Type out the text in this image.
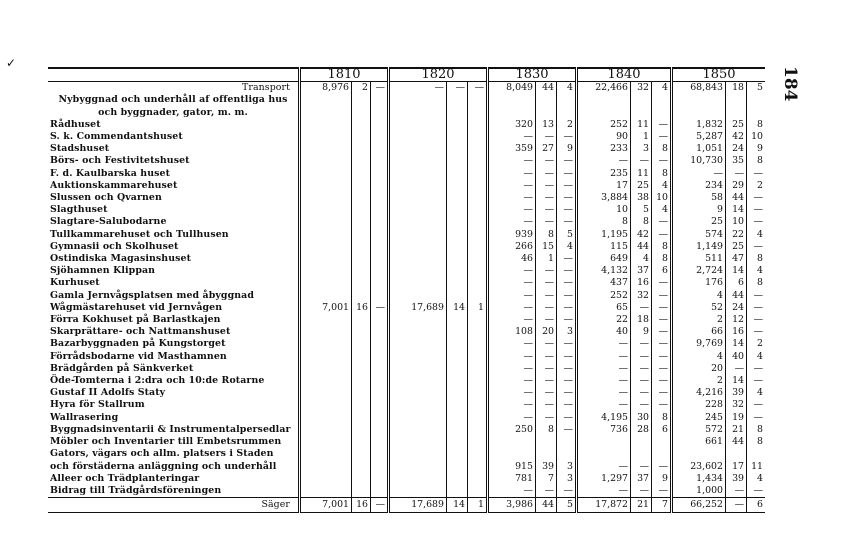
✓
184
	1810			1820			1830			1840			1850		
Transport	8,976	2	—	—	—	—	8,049	44	4	22,466	32	4	68,843	18	5
Nybyggnad och underhåll af offentliga hus															
och byggnader, gator, m. m.															
Rådhuset							320	13	2	252	11	—	1,832	25	8
S. k. Commendantshuset							—	—	—	90	1	—	5,287	42	10
Stadshuset							359	27	9	233	3	8	1,051	24	9
Börs- och Festivitetshuset							—	—	—	—	—	—	10,730	35	8
F. d. Kaulbarska huset							—	—	—	235	11	8	—	—	—
Auktionskammarehuset							—	—	—	17	25	4	234	29	2
Slussen och Qvarnen							—	—	—	3,884	38	10	58	44	—
Slagthuset							—	—	—	10	5	4	9	14	—
Slagtare-Salubodarne							—	—	—	8	8	—	25	10	—
Tullkammarehuset och Tullhusen							939	8	5	1,195	42	—	574	22	4
Gymnasii och Skolhuset							266	15	4	115	44	8	1,149	25	—
Ostindiska Magasinshuset							46	1	—	649	4	8	511	47	8
Sjöhamnen Klippan							—	—	—	4,132	37	6	2,724	14	4
Kurhuset							—	—	—	437	16	—	176	6	8
Gamla Jernvågsplatsen med åbyggnad							—	—	—	252	32	—	4	44	—
Wågmästarehuset vid Jernvågen	7,001	16	—	17,689	14	1	—	—	—	65	—	—	52	24	—
Förra Kokhuset på Barlastkajen							—	—	—	22	18	—	2	12	—
Skarprättare- och Nattmanshuset							108	20	3	40	9	—	66	16	—
Bazarbyggnaden på Kungstorget							—	—	—	—	—	—	9,769	14	2
Förrådsbodarne vid Masthamnen							—	—	—	—	—	—	4	40	4
Brädgården på Sänkverket							—	—	—	—	—	—	20	—	—
Öde-Tomterna i 2:dra och 10:de Rotarne							—	—	—	—	—	—	2	14	—
Gustaf II Adolfs Staty							—	—	—	—	—	—	4,216	39	4
Hyra för Stallrum							—	—	—	—	—	—	228	32	—
Wallrasering							—	—	—	4,195	30	8	245	19	—
Byggnadsinventarii & Instrumentalpersedlar							250	8	—	736	28	6	572	21	8
Möbler och Inventarier till Embetsrummen													661	44	8
Gators, vägars och allm. platsers i Staden															
och förstäderna anläggning och underhåll							915	39	3	—	—	—	23,602	17	11
Alleer och Trädplanteringar							781	7	3	1,297	37	9	1,434	39	4
Bidrag till Trädgårdsföreningen							—	—	—	—	—	—	1,000	—	—
Säger	7,001	16	—	17,689	14	1	3,986	44	5	17,872	21	7	66,252	—	6
